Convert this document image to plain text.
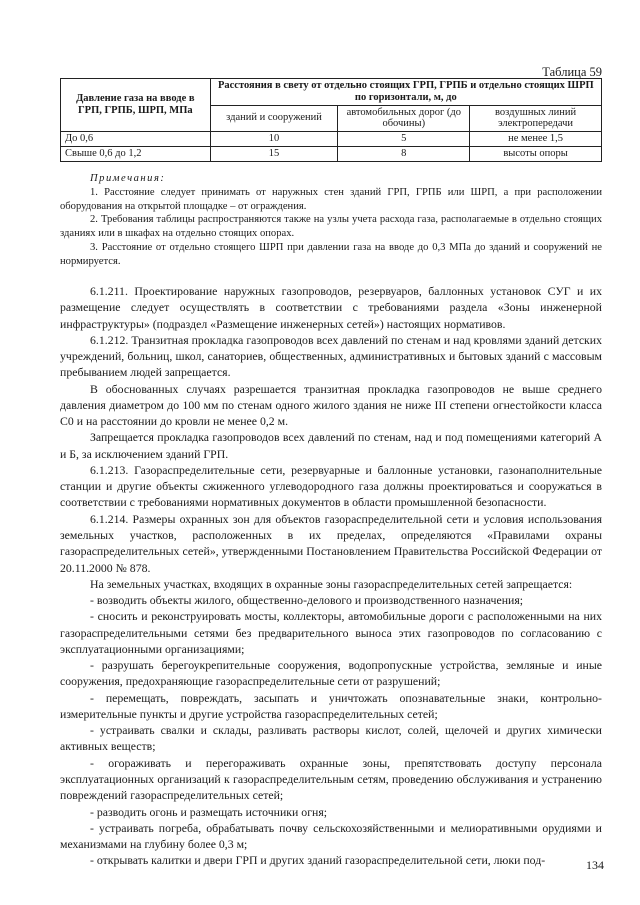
Таблица 59
Давление газа на вводе в ГРП, ГРПБ, ШРП, МПа	Расстояния в свету от отдельно стоящих ГРП, ГРПБ и отдельно стоящих ШРП по горизонтали, м, до		
	зданий и сооружений	автомобильных дорог (до обочины)	воздушных линий электропередачи
До 0,6	10	5	не менее 1,5
Свыше 0,6 до 1,2	15	8	высоты опоры
Примечания:

1. Расстояние следует принимать от наружных стен зданий ГРП, ГРПБ или ШРП, а при расположении оборудования на открытой площадке – от ограждения.

2. Требования таблицы распространяются также на узлы учета расхода газа, располагаемые в отдельно стоящих зданиях или в шкафах на отдельно стоящих опорах.

3. Расстояние от отдельно стоящего ШРП при давлении газа на вводе до 0,3 МПа до зданий и сооружений не нормируется.

6.1.211. Проектирование наружных газопроводов, резервуаров, баллонных установок СУГ и их размещение следует осуществлять в соответствии с требованиями раздела «Зоны инженерной инфраструктуры» (подраздел «Размещение инженерных сетей») настоящих нормативов.

6.1.212. Транзитная прокладка газопроводов всех давлений по стенам и над кровлями зданий детских учреждений, больниц, школ, санаториев, общественных, административных и бытовых зданий с массовым пребыванием людей запрещается.

В обоснованных случаях разрешается транзитная прокладка газопроводов не выше среднего давления диаметром до 100 мм по стенам одного жилого здания не ниже III степени огнестойкости класса С0 и на расстоянии до кровли не менее 0,2 м.

Запрещается прокладка газопроводов всех давлений по стенам, над и под помещениями категорий А и Б, за исключением зданий ГРП.

6.1.213. Газораспределительные сети, резервуарные и баллонные установки, газонаполнительные станции и другие объекты сжиженного углеводородного газа должны проектироваться и сооружаться в соответствии с требованиями нормативных документов в области промышленной безопасности.

6.1.214. Размеры охранных зон для объектов газораспределительной сети и условия использования земельных участков, расположенных в их пределах, определяются «Правилами охраны газораспределительных сетей», утвержденными Постановлением Правительства Российской Федерации от 20.11.2000 № 878.

На земельных участках, входящих в охранные зоны газораспределительных сетей запрещается:

- возводить объекты жилого, общественно-делового и производственного назначения;

- сносить и реконструировать мосты, коллекторы, автомобильные дороги с расположенными на них газораспределительными сетями без предварительного выноса этих газопроводов по согласованию с эксплуатационными организациями;

- разрушать берегоукрепительные сооружения, водопропускные устройства, земляные и иные сооружения, предохраняющие газораспределительные сети от разрушений;

- перемещать, повреждать, засыпать и уничтожать опознавательные знаки, контрольно-измерительные пункты и другие устройства газораспределительных сетей;

- устраивать свалки и склады, разливать растворы кислот, солей, щелочей и других химически активных веществ;

- огораживать и перегораживать охранные зоны, препятствовать доступу персонала эксплуатационных организаций к газораспределительным сетям, проведению обслуживания и устранению повреждений газораспределительных сетей;

- разводить огонь и размещать источники огня;

- устраивать погреба, обрабатывать почву сельскохозяйственными и мелиоративными орудиями и механизмами на глубину более 0,3 м;

- открывать калитки и двери ГРП и других зданий газораспределительной сети, люки под-	134
